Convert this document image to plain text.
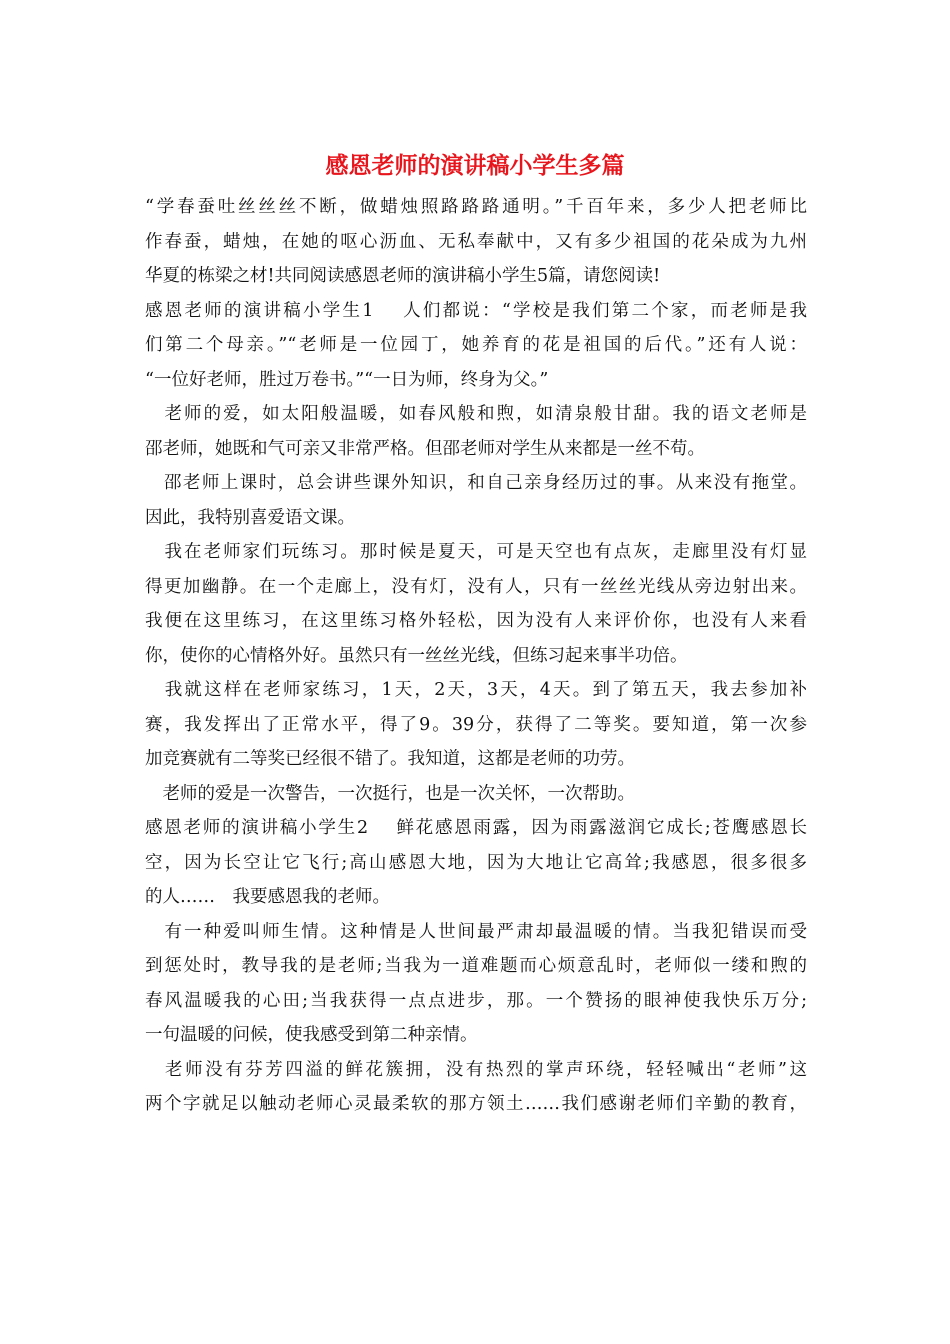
感恩老师的演讲稿小学生多篇
“学春蚕吐丝丝丝不断，做蜡烛照路路路通明。”千百年来，多少人把老师比
作春蚕，蜡烛，在她的呕心沥血、无私奉献中，又有多少祖国的花朵成为九州
华夏的栋梁之材!共同阅读感恩老师的演讲稿小学生5篇，请您阅读!
感恩老师的演讲稿小学生1　 人们都说：“学校是我们第二个家，而老师是我
们第二个母亲。”“老师是一位园丁，她养育的花是祖国的后代。”还有人说：
“一位好老师，胜过万卷书。”“一日为师，终身为父。”
　老师的爱，如太阳般温暖，如春风般和煦，如清泉般甘甜。我的语文老师是
邵老师，她既和气可亲又非常严格。但邵老师对学生从来都是一丝不苟。
　邵老师上课时，总会讲些课外知识，和自己亲身经历过的事。从来没有拖堂。
因此，我特别喜爱语文课。
　我在老师家们玩练习。那时候是夏天，可是天空也有点灰，走廊里没有灯显
得更加幽静。在一个走廊上，没有灯，没有人，只有一丝丝光线从旁边射出来。
我便在这里练习，在这里练习格外轻松，因为没有人来评价你，也没有人来看
你，使你的心情格外好。虽然只有一丝丝光线，但练习起来事半功倍。
　我就这样在老师家练习，1天，2天，3天，4天。到了第五天，我去参加补
赛，我发挥出了正常水平，得了9。39分，获得了二等奖。要知道，第一次参
加竞赛就有二等奖已经很不错了。我知道，这都是老师的功劳。
　老师的爱是一次警告，一次挺行，也是一次关怀，一次帮助。
感恩老师的演讲稿小学生2　 鲜花感恩雨露，因为雨露滋润它成长;苍鹰感恩长
空，因为长空让它飞行;高山感恩大地，因为大地让它高耸;我感恩，很多很多
的人……　我要感恩我的老师。
　有一种爱叫师生情。这种情是人世间最严肃却最温暖的情。当我犯错误而受
到惩处时，教导我的是老师;当我为一道难题而心烦意乱时，老师似一缕和煦的
春风温暖我的心田;当我获得一点点进步，那。一个赞扬的眼神使我快乐万分;
一句温暖的问候，使我感受到第二种亲情。
　老师没有芬芳四溢的鲜花簇拥，没有热烈的掌声环绕，轻轻喊出“老师”这
两个字就足以触动老师心灵最柔软的那方领土……我们感谢老师们辛勤的教育，
